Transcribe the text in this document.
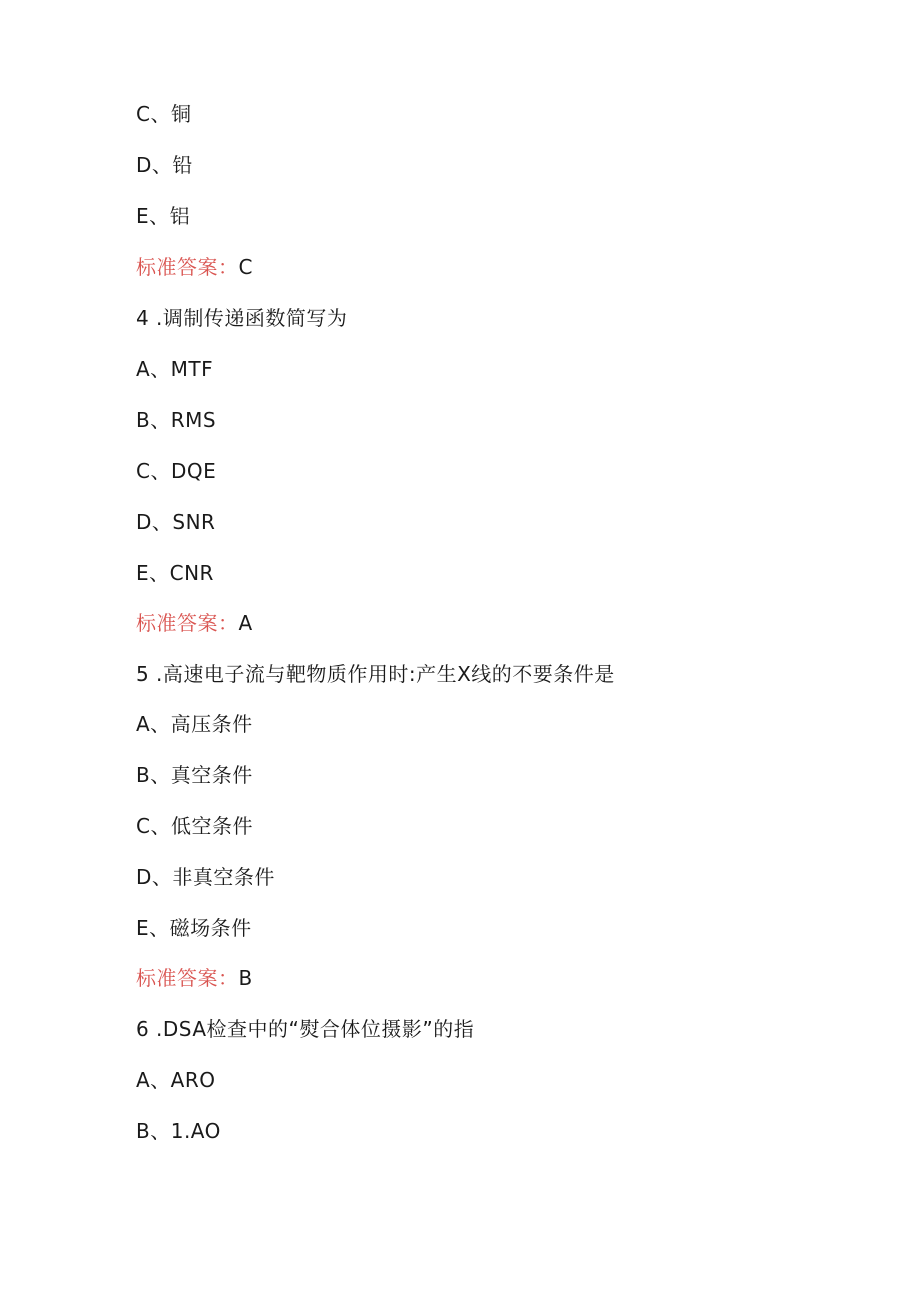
C、铜
D、铅
E、铝
标准答案：C
4 .调制传递函数简写为
A、MTF
B、RMS
C、DQE
D、SNR
E、CNR
标准答案：A
5 .高速电子流与靶物质作用时:产生X线的不要条件是
A、高压条件
B、真空条件
C、低空条件
D、非真空条件
E、磁场条件
标准答案：B
6 .DSA检查中的“熨合体位摄影”的指
A、ARO
B、1.AO
